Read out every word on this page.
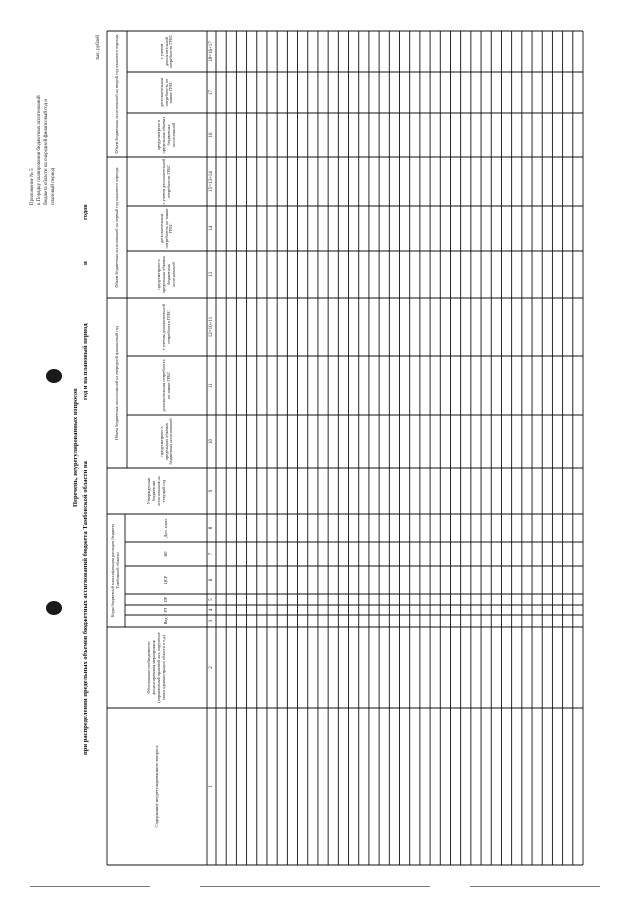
Приложение № 5 к Порядку планирования бюджетных ассигнований бюджета области на очередной финансовый год и плановый период
Перечень, неурегулированных вопросов
при распределении предельных объемов бюджетных ассигнований бюджета Тамбовской области на
год и на плановый период
и
годов
тыс. рублей
Содержание неурегулированного вопроса
Обоснование необходимости финансирования мероприятия (нормативный правовой акт, поручение главы администрации области и т.д.)
Коды бюджетной классификации расходов бюджета Тамбовской области
Вед
РЗ
ПР
ЦСР
ВР
Доп. класс
Утвержденные бюджетные ассигнования на текущий год
Объем бюджетных ассигнований на очередной финансовый год
Объем бюджетных ассигнований на первый год планового периода
Объем бюджетных ассигнований на второй год планового периода
предусмотрено в предельных объемах бюджетных ассигнований
дополнительная потребность по заявке ГРБС
с учетом дополнительной потребности ГРБС
предусмотрено в предельных объемах бюджетных ассигнований
дополнительная потребность по заявке ГРБС
с учетом дополнительной потребности ГРБС
предусмотрено в предельных объемах бюджетных ассигнований
дополнительная потребность по заявке ГРБС
с учетом дополнительной потребности ГРБС
1
2
3
4
5
6
7
8
9
10
11
12=10+11
13
14
15=13+14
16
17
18=16+17
